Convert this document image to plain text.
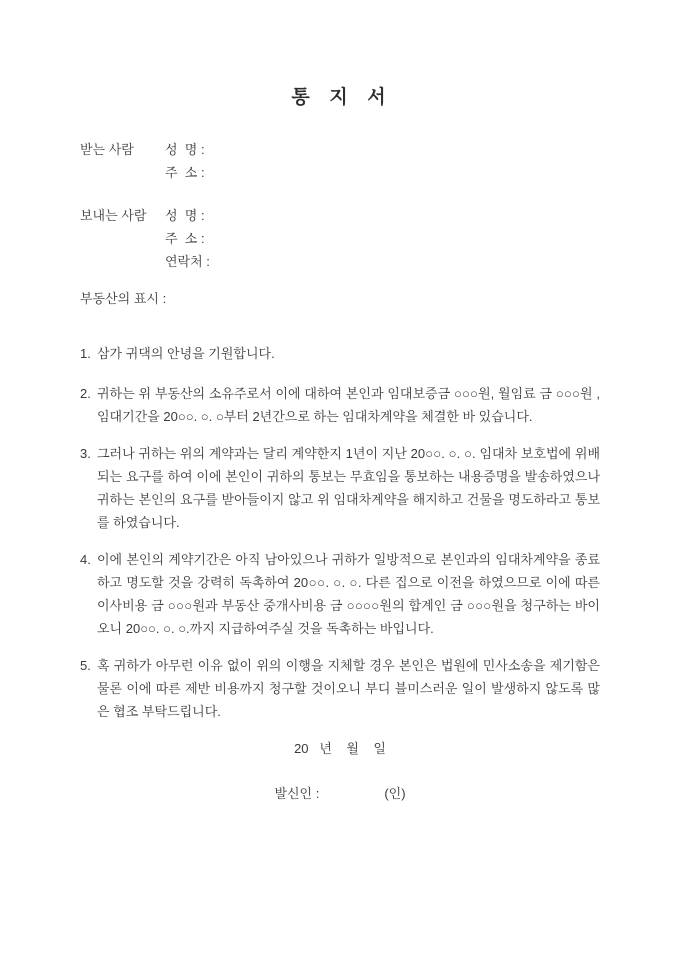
통  지  서
받는 사람	성  명 :
주  소 :
보내는 사람	성  명 :
주  소 :
연락처 :
부동산의 표시 :
1. 삼가 귀댁의 안녕을 기원합니다.
2. 귀하는 위 부동산의 소유주로서 이에 대하여 본인과 임대보증금 ○○○원, 월임료 금 ○○○원 ,임대기간을 20○○. ○. ○부터 2년간으로 하는 임대차계약을 체결한 바 있습니다.
3. 그러나 귀하는 위의 계약과는 달리 계약한지 1년이 지난 20○○. ○. ○. 임대차 보호법에 위배되는 요구를 하여 이에 본인이 귀하의 통보는 무효임을 통보하는 내용증명을 발송하였으나 귀하는 본인의 요구를 받아들이지 않고 위 임대차계약을 해지하고 건물을 명도하라고 통보를 하였습니다.
4. 이에 본인의 계약기간은 아직 남아있으나 귀하가 일방적으로 본인과의 임대차계약을 종료하고 명도할 것을 강력히 독촉하여 20○○. ○. ○. 다른 집으로 이전을 하였으므로 이에 따른 이사비용 금 ○○○원과 부동산 중개사비용 금 ○○○○원의 합계인 금 ○○○원을 청구하는 바이오니 20○○. ○. ○.까지 지급하여주실 것을 독촉하는 바입니다.
5. 혹 귀하가 아무런 이유 없이 위의 이행을 지체할 경우 본인은 법원에 민사소송을 제기함은 물론 이에 따른 제반 비용까지 청구할 것이오니 부디 블미스러운 일이 발생하지 않도록 많은 협조 부탁드립니다.
20   년    월    일
발신인 :	(인)
